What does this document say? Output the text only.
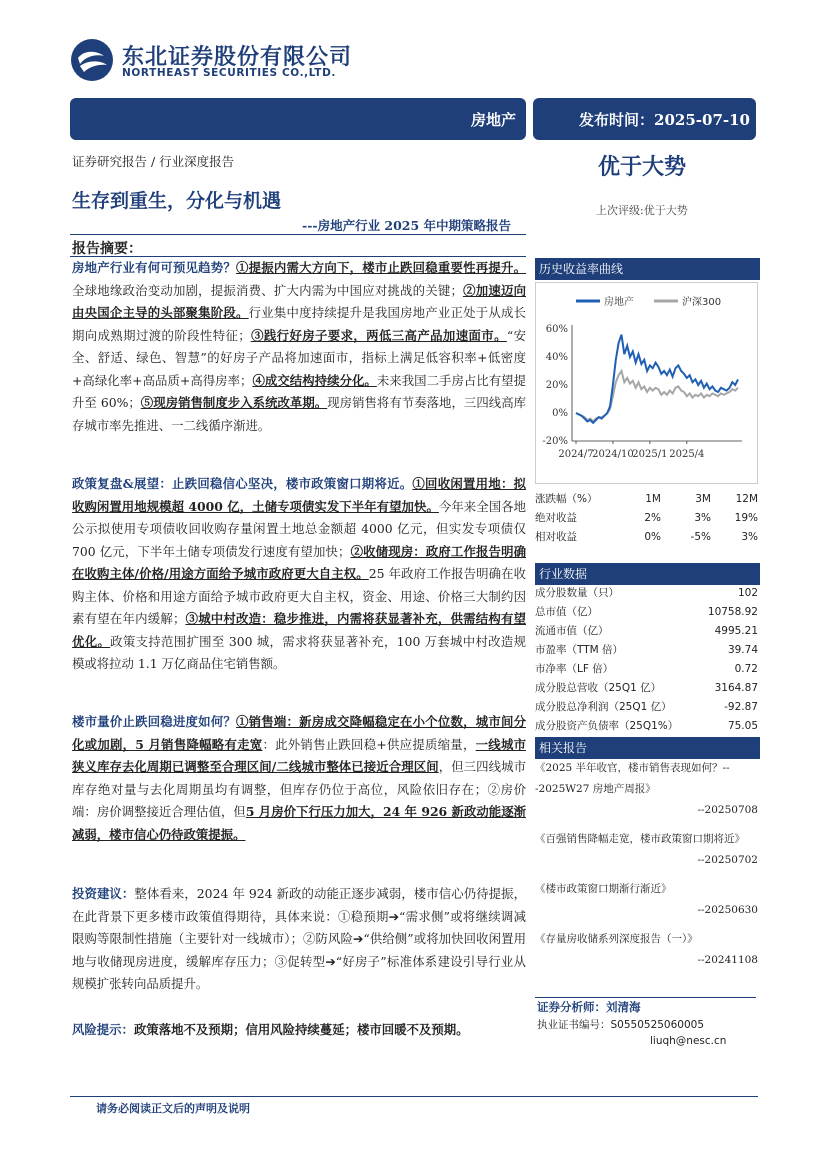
东北证券股份有限公司
NORTHEAST SECURITIES CO.,LTD.
房地产	发布时间：2025-07-10
证券研究报告 / 行业深度报告	优于大势
上次评级:优于大势
生存到重生，分化与机遇
---房地产行业 2025 年中期策略报告
报告摘要：
房地产行业有何可预见趋势？①提振内需大方向下，楼市止跌回稳重要性再提升。全球地缘政治变动加剧，提振消费、扩大内需为中国应对挑战的关键；②加速迈向由央国企主导的头部聚集阶段。行业集中度持续提升是我国房地产业正处于从成长期向成熟期过渡的阶段性特征；③践行好房子要求，两低三高产品加速面市。“安全、舒适、绿色、智慧”的好房子产品将加速面市，指标上满足低容积率+低密度+高绿化率+高品质+高得房率；④成交结构持续分化。未来我国二手房占比有望提升至 60%；⑤现房销售制度步入系统改革期。现房销售将有节奏落地，三四线高库存城市率先推进、一二线循序渐进。
政策复盘&展望：止跌回稳信心坚决，楼市政策窗口期将近。①回收闲置用地：拟收购闲置用地规模超 4000 亿，土储专项债实发下半年有望加快。今年来全国各地公示拟使用专项债收回收购存量闲置土地总金额超 4000 亿元，但实发专项债仅 700 亿元，下半年土储专项债发行速度有望加快；②收储现房：政府工作报告明确在收购主体/价格/用途方面给予城市政府更大自主权。25 年政府工作报告明确在收购主体、价格和用途方面给予城市政府更大自主权，资金、用途、价格三大制约因素有望在年内缓解；③城中村改造：稳步推进，内需将获显著补充，供需结构有望优化。政策支持范围扩围至 300 城，需求将获显著补充，100 万套城中村改造规模或将拉动 1.1 万亿商品住宅销售额。
楼市量价止跌回稳进度如何？①销售端：新房成交降幅稳定在小个位数，城市间分化或加剧，5 月销售降幅略有走宽：此外销售止跌回稳+供应提质缩量，一线城市狭义库存去化周期已调整至合理区间/二线城市整体已接近合理区间，但三四线城市库存绝对量与去化周期虽均有调整，但库存仍位于高位，风险依旧存在；②房价端：房价调整接近合理估值，但5 月房价下行压力加大，24 年 926 新政动能逐渐减弱，楼市信心仍待政策提振。
投资建议：整体看来，2024 年 924 新政的动能正逐步减弱，楼市信心仍待提振，在此背景下更多楼市政策值得期待，具体来说：①稳预期➔“需求侧”或将继续调减限购等限制性措施（主要针对一线城市）；②防风险➔“供给侧”或将加快回收闲置用地与收储现房进度，缓解库存压力；③促转型➔“好房子”标准体系建设引导行业从规模扩张转向品质提升。
风险提示：政策落地不及预期；信用风险持续蔓延；楼市回暖不及预期。
历史收益率曲线
房地产	沪深300
60%
40%
20%
0%
-20%
2024/7
2024/10
2025/1 2025/4
涨跌幅（%）	1M	3M	12M
绝对收益	2%	3%	19%
相对收益	0%	-5%	3%
行业数据
成分股数量（只）	102
总市值（亿）	10758.92
流通市值（亿）	4995.21
市盈率（TTM 倍）	39.74
市净率（LF 倍）	0.72
成分股总营收（25Q1 亿）	3164.87
成分股总净利润（25Q1 亿）	-92.87
成分股资产负债率（25Q1%）	75.05
相关报告
《2025 半年收官，楼市销售表现如何？---2025W27 房地产周报》
--20250708
《百强销售降幅走宽，楼市政策窗口期将近》
--20250702
《楼市政策窗口期渐行渐近》
--20250630
《存量房收储系列深度报告（一）》
--20241108
证券分析师：刘清海
执业证书编号：S0550525060005
liuqh@nesc.cn
请务必阅读正文后的声明及说明
